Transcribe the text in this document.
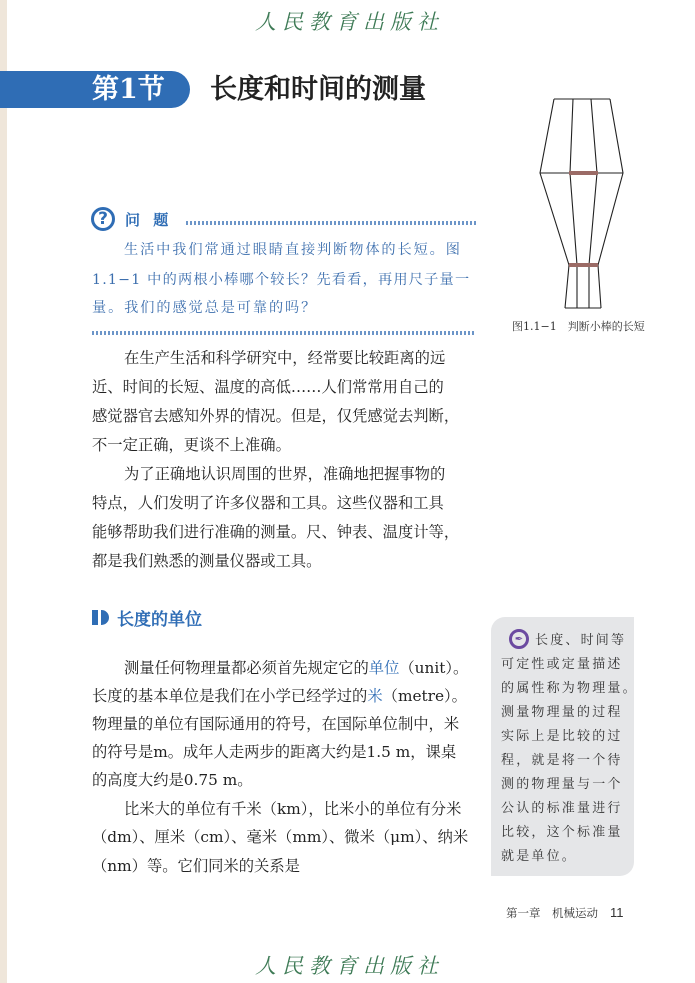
人民教育出版社
第1节 长度和时间的测量
图1.1−1　判断小棒的长短
?	问 题
生活中我们常通过眼睛直接判断物体的长短。图
1.1−1 中的两根小棒哪个较长？先看看，再用尺子量一
量。我们的感觉总是可靠的吗？
在生产生活和科学研究中，经常要比较距离的远
近、时间的长短、温度的高低……人们常常用自己的
感觉器官去感知外界的情况。但是，仅凭感觉去判断，
不一定正确，更谈不上准确。
为了正确地认识周围的世界，准确地把握事物的
特点，人们发明了许多仪器和工具。这些仪器和工具
能够帮助我们进行准确的测量。尺、钟表、温度计等，
都是我们熟悉的测量仪器或工具。
长度的单位
测量任何物理量都必须首先规定它的单位（unit）。
长度的基本单位是我们在小学已经学过的米（metre）。
物理量的单位有国际通用的符号，在国际单位制中，米
的符号是m。成年人走两步的距离大约是1.5 m，课桌
的高度大约是0.75 m。
比米大的单位有千米（km），比米小的单位有分米
（dm）、厘米（cm）、毫米（mm）、微米（μm）、纳米
（nm）等。它们同米的关系是
✒ 长度、时间等
可定性或定量描述
的属性称为物理量。
测量物理量的过程
实际上是比较的过
程，就是将一个待
测的物理量与一个
公认的标准量进行
比较，这个标准量
就是单位。
第一章　机械运动 11
人民教育出版社
